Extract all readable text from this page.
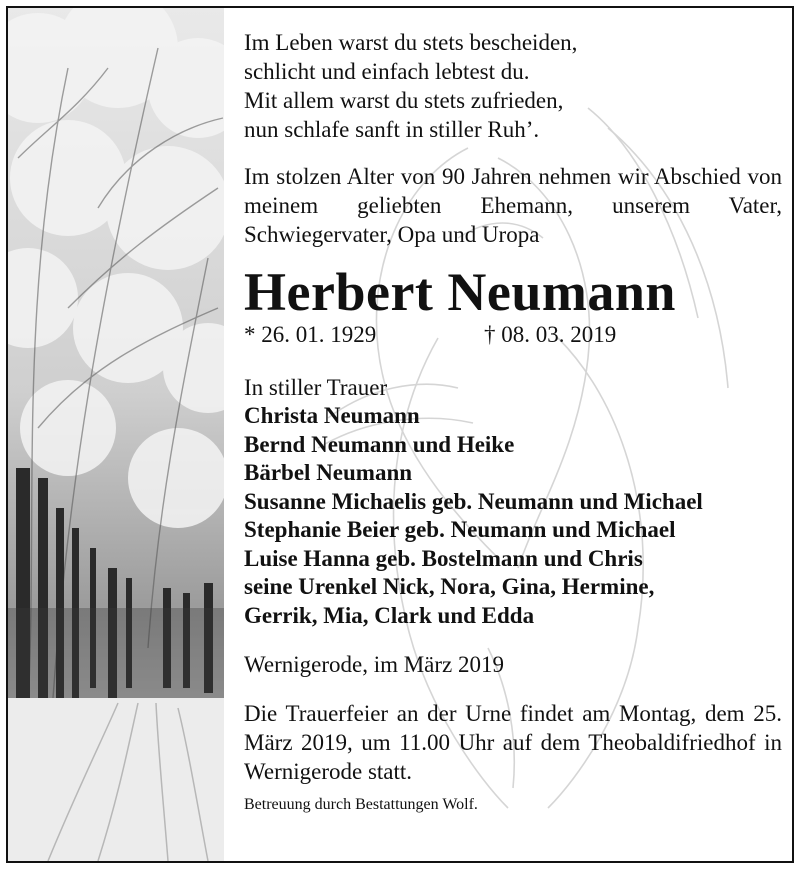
Im Leben warst du stets bescheiden,
schlicht und einfach lebtest du.
Mit allem warst du stets zufrieden,
nun schlafe sanft in stiller Ruh’.

Im stolzen Alter von 90 Jahren nehmen wir Abschied von meinem geliebten Ehemann, unserem Vater, Schwiegervater, Opa und Uropa

Herbert Neumann
* 26. 01. 1929	† 08. 03. 2019

In stiller Trauer

Christa Neumann

Bernd Neumann und Heike

Bärbel Neumann

Susanne Michaelis geb. Neumann und Michael

Stephanie Beier geb. Neumann und Michael

Luise Hanna geb. Bostelmann und Chris

seine Urenkel Nick, Nora, Gina, Hermine,

Gerrik, Mia, Clark und Edda

Wernigerode, im März 2019

Die Trauerfeier an der Urne findet am Montag, dem 25. März 2019, um 11.00 Uhr auf dem Theobaldifriedhof in Wernigerode statt.

Betreuung durch Bestattungen Wolf.
